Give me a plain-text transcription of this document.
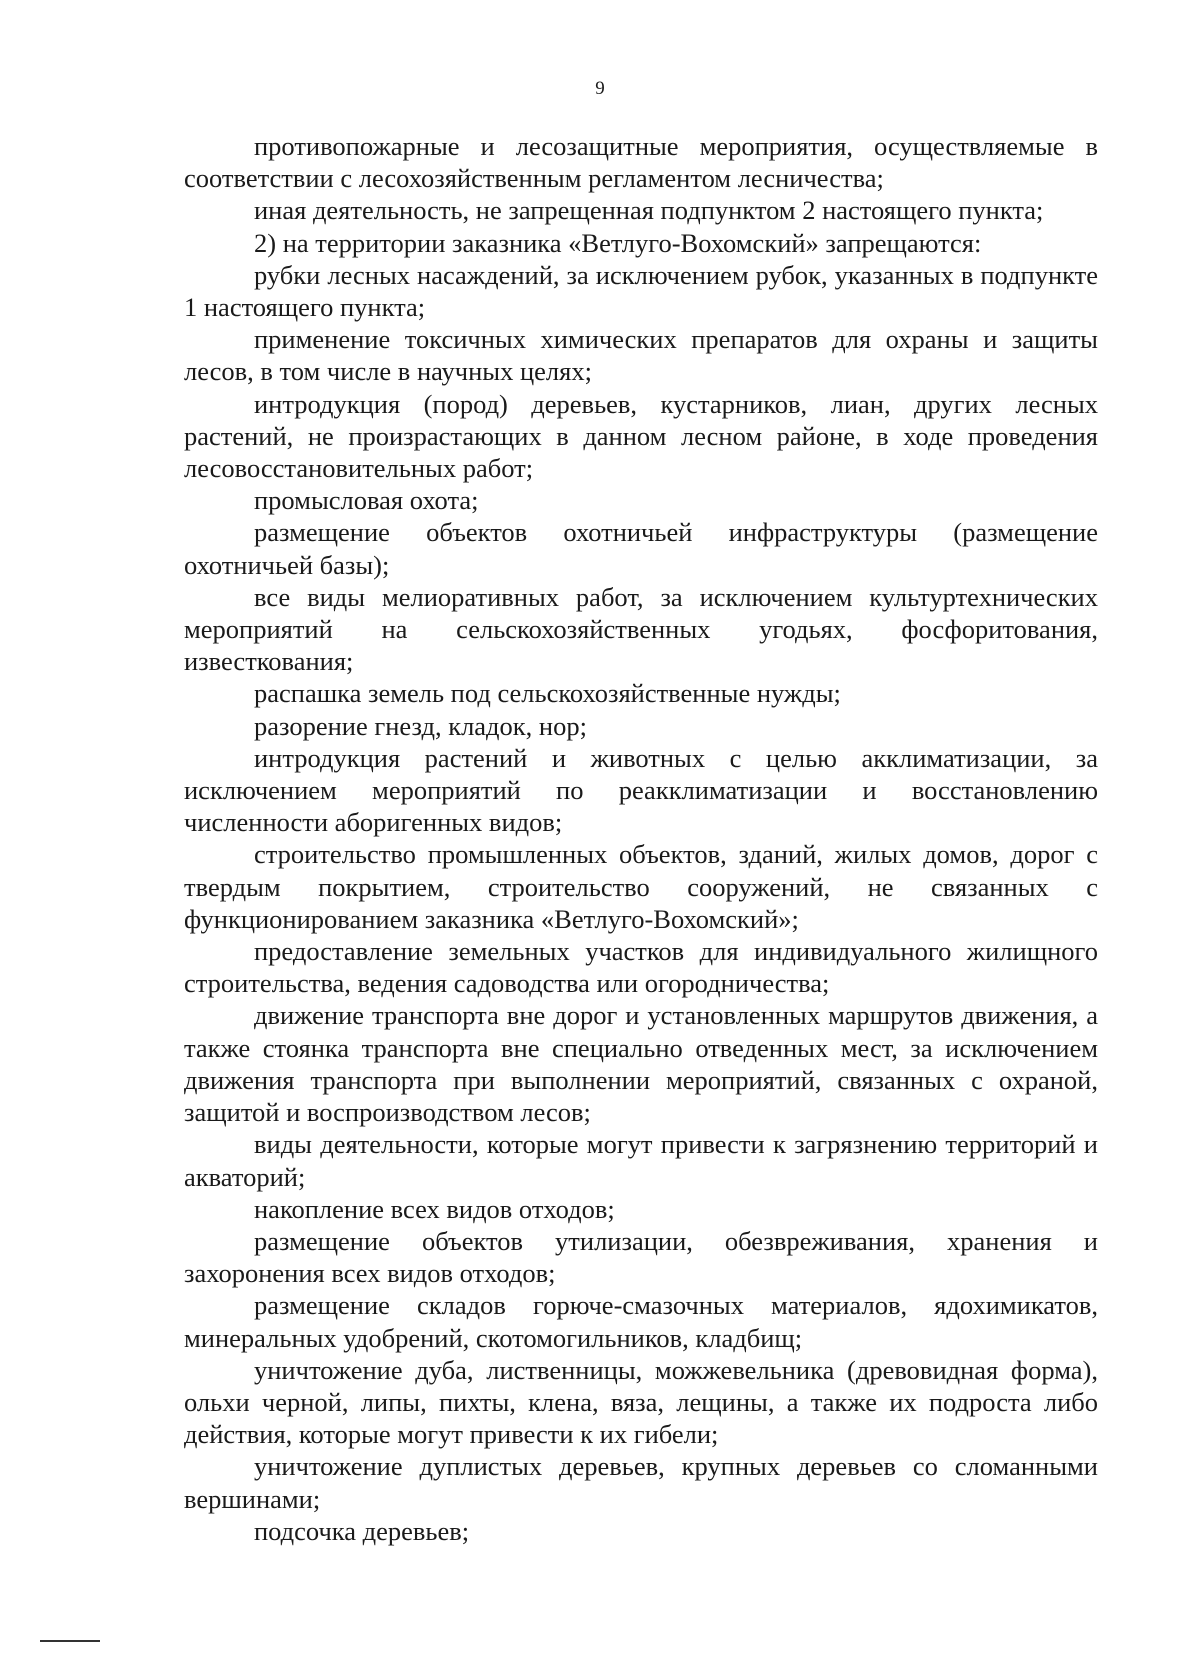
9

противопожарные и лесозащитные мероприятия, осуществляемые в соответствии с лесохозяйственным регламентом лесничества;

иная деятельность, не запрещенная подпунктом 2 настоящего пункта;

2) на территории заказника «Ветлуго-Вохомский» запрещаются:

рубки лесных насаждений, за исключением рубок, указанных в подпункте 1 настоящего пункта;

применение токсичных химических препаратов для охраны и защиты лесов, в том числе в научных целях;

интродукция (пород) деревьев, кустарников, лиан, других лесных растений, не произрастающих в данном лесном районе, в ходе проведения лесовосстановительных работ;

промысловая охота;

размещение объектов охотничьей инфраструктуры (размещение охотничьей базы);

все виды мелиоративных работ, за исключением культуртехнических мероприятий на сельскохозяйственных угодьях, фосфоритования, известкования;

распашка земель под сельскохозяйственные нужды;

разорение гнезд, кладок, нор;

интродукция растений и животных с целью акклиматизации, за исключением мероприятий по реакклиматизации и восстановлению численности аборигенных видов;

строительство промышленных объектов, зданий, жилых домов, дорог с твердым покрытием, строительство сооружений, не связанных с функционированием заказника «Ветлуго-Вохомский»;

предоставление земельных участков для индивидуального жилищного строительства, ведения садоводства или огородничества;

движение транспорта вне дорог и установленных маршрутов движения, а также стоянка транспорта вне специально отведенных мест, за исключением движения транспорта при выполнении мероприятий, связанных с охраной, защитой и воспроизводством лесов;

виды деятельности, которые могут привести к загрязнению территорий и акваторий;

накопление всех видов отходов;

размещение объектов утилизации, обезвреживания, хранения и захоронения всех видов отходов;

размещение складов горюче-смазочных материалов, ядохимикатов, минеральных удобрений, скотомогильников, кладбищ;

уничтожение дуба, лиственницы, можжевельника (древовидная форма), ольхи черной, липы, пихты, клена, вяза, лещины, а также их подроста либо действия, которые могут привести к их гибели;

уничтожение дуплистых деревьев, крупных деревьев со сломанными вершинами;

подсочка деревьев;
